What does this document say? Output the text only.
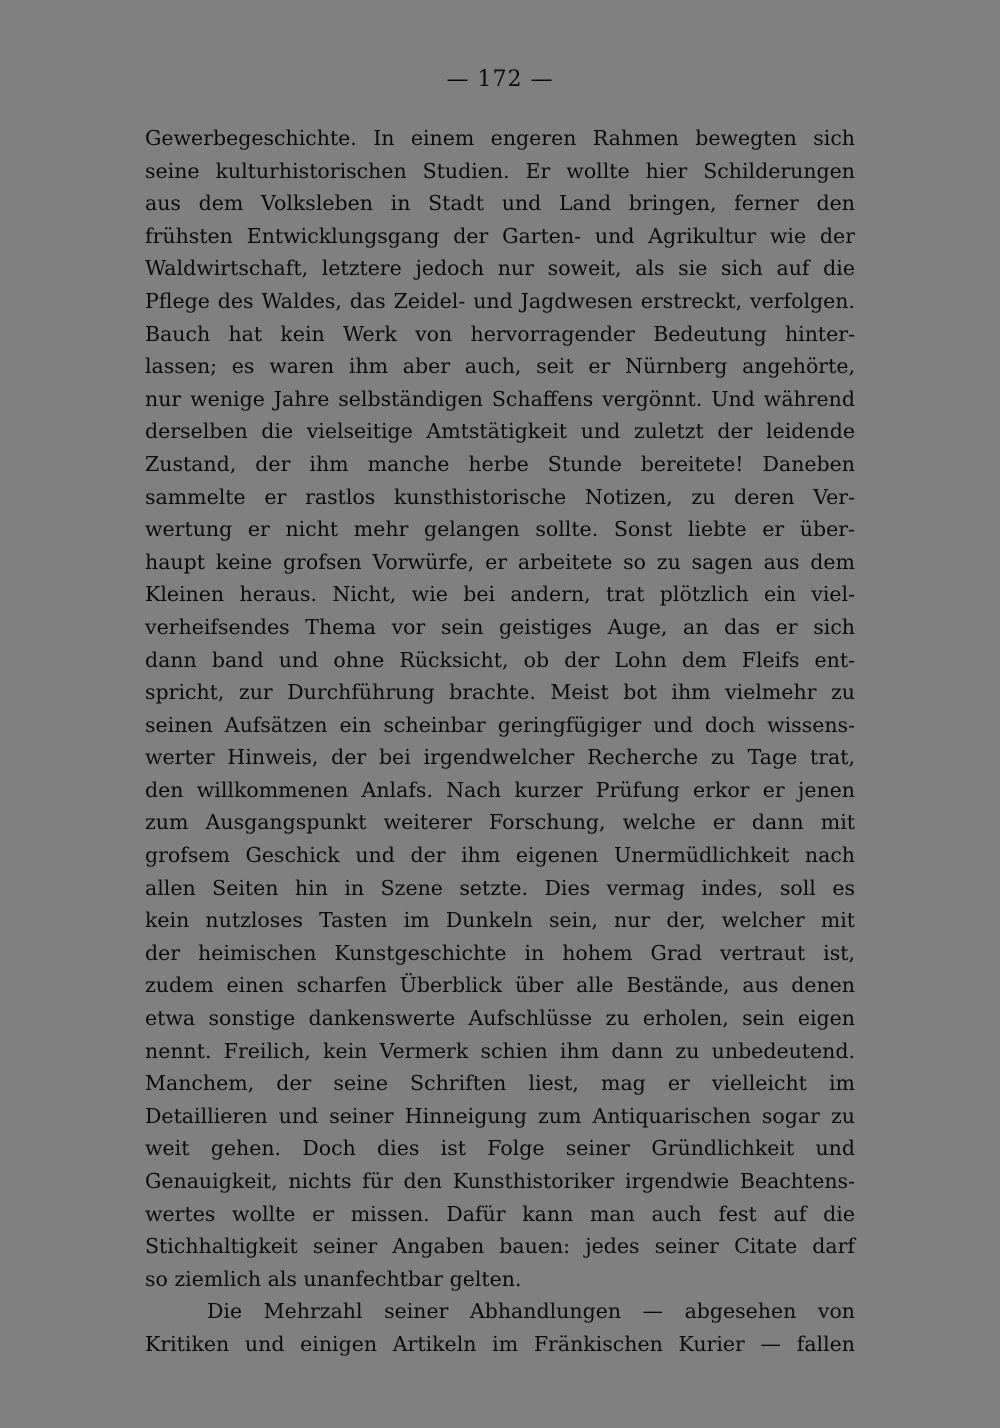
— 172 —
Gewerbegeschichte. In einem engeren Rahmen bewegten sich
seine kulturhistorischen Studien. Er wollte hier Schilderungen
aus dem Volksleben in Stadt und Land bringen, ferner den
frühsten Entwicklungsgang der Garten- und Agrikultur wie der
Waldwirtschaft, letztere jedoch nur soweit, als sie sich auf die
Pflege des Waldes, das Zeidel- und Jagdwesen erstreckt, verfolgen.
Bauch hat kein Werk von hervorragender Bedeutung hinter-
lassen; es waren ihm aber auch, seit er Nürnberg angehörte,
nur wenige Jahre selbständigen Schaffens vergönnt. Und während
derselben die vielseitige Amtstätigkeit und zuletzt der leidende
Zustand, der ihm manche herbe Stunde bereitete! Daneben
sammelte er rastlos kunsthistorische Notizen, zu deren Ver-
wertung er nicht mehr gelangen sollte. Sonst liebte er über-
haupt keine grofsen Vorwürfe, er arbeitete so zu sagen aus dem
Kleinen heraus. Nicht, wie bei andern, trat plötzlich ein viel-
verheifsendes Thema vor sein geistiges Auge, an das er sich
dann band und ohne Rücksicht, ob der Lohn dem Fleifs ent-
spricht, zur Durchführung brachte. Meist bot ihm vielmehr zu
seinen Aufsätzen ein scheinbar geringfügiger und doch wissens-
werter Hinweis, der bei irgendwelcher Recherche zu Tage trat,
den willkommenen Anlafs. Nach kurzer Prüfung erkor er jenen
zum Ausgangspunkt weiterer Forschung, welche er dann mit
grofsem Geschick und der ihm eigenen Unermüdlichkeit nach
allen Seiten hin in Szene setzte. Dies vermag indes, soll es
kein nutzloses Tasten im Dunkeln sein, nur der, welcher mit
der heimischen Kunstgeschichte in hohem Grad vertraut ist,
zudem einen scharfen Überblick über alle Bestände, aus denen
etwa sonstige dankenswerte Aufschlüsse zu erholen, sein eigen
nennt. Freilich, kein Vermerk schien ihm dann zu unbedeutend.
Manchem, der seine Schriften liest, mag er vielleicht im
Detaillieren und seiner Hinneigung zum Antiquarischen sogar zu
weit gehen. Doch dies ist Folge seiner Gründlichkeit und
Genauigkeit, nichts für den Kunsthistoriker irgendwie Beachtens-
wertes wollte er missen. Dafür kann man auch fest auf die
Stichhaltigkeit seiner Angaben bauen: jedes seiner Citate darf
so ziemlich als unanfechtbar gelten.
Die Mehrzahl seiner Abhandlungen — abgesehen von
Kritiken und einigen Artikeln im Fränkischen Kurier — fallen
